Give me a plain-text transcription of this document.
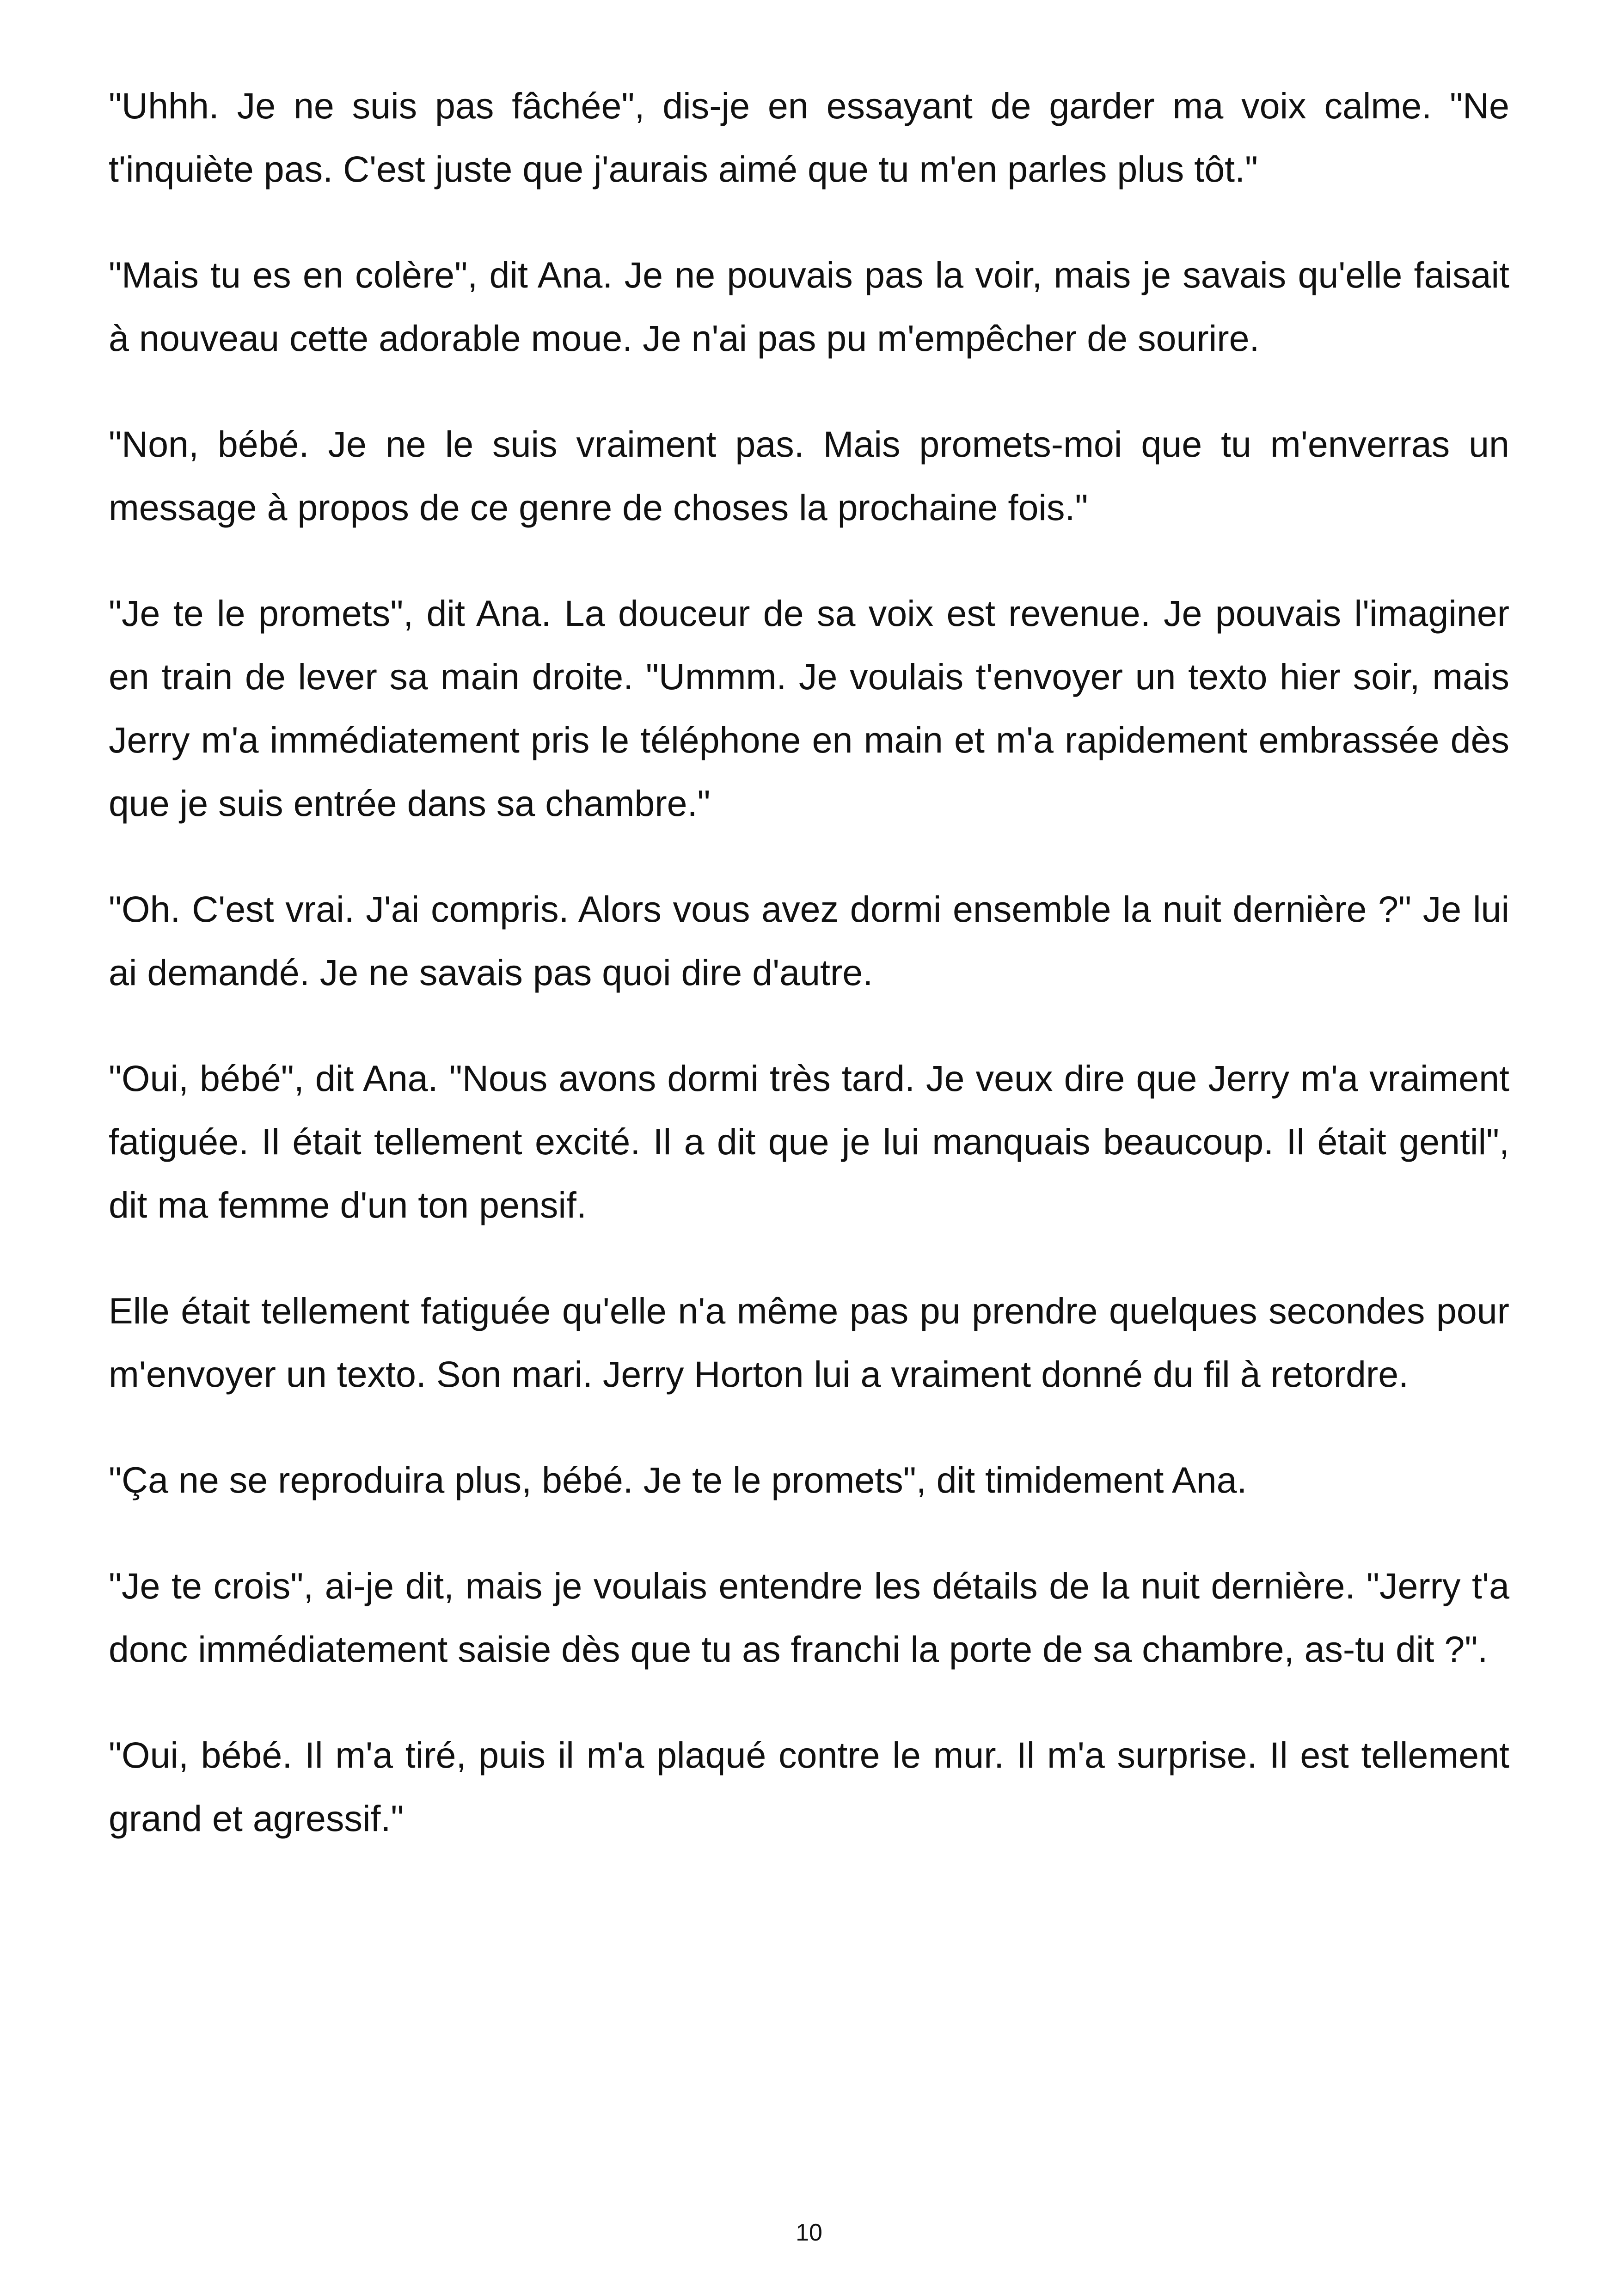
"Uhhh. Je ne suis pas fâchée", dis-je en essayant de garder ma voix calme. "Ne t'inquiète pas. C'est juste que j'aurais aimé que tu m'en parles plus tôt."

"Mais tu es en colère", dit Ana. Je ne pouvais pas la voir, mais je savais qu'elle faisait à nouveau cette adorable moue. Je n'ai pas pu m'empêcher de sourire.

"Non, bébé. Je ne le suis vraiment pas. Mais promets-moi que tu m'enverras un message à propos de ce genre de choses la prochaine fois."

"Je te le promets", dit Ana. La douceur de sa voix est revenue. Je pouvais l'imaginer en train de lever sa main droite. "Ummm. Je voulais t'envoyer un texto hier soir, mais Jerry m'a immédiatement pris le téléphone en main et m'a rapidement embrassée dès que je suis entrée dans sa chambre."

"Oh. C'est vrai. J'ai compris. Alors vous avez dormi ensemble la nuit dernière ?" Je lui ai demandé. Je ne savais pas quoi dire d'autre.

"Oui, bébé", dit Ana. "Nous avons dormi très tard. Je veux dire que Jerry m'a vraiment fatiguée. Il était tellement excité. Il a dit que je lui manquais beaucoup. Il était gentil", dit ma femme d'un ton pensif.

Elle était tellement fatiguée qu'elle n'a même pas pu prendre quelques secondes pour m'envoyer un texto. Son mari. Jerry Horton lui a vraiment donné du fil à retordre.

"Ça ne se reproduira plus, bébé. Je te le promets", dit timidement Ana.

"Je te crois", ai-je dit, mais je voulais entendre les détails de la nuit dernière. "Jerry t'a donc immédiatement saisie dès que tu as franchi la porte de sa chambre, as-tu dit ?".

"Oui, bébé. Il m'a tiré, puis il m'a plaqué contre le mur. Il m'a surprise. Il est tellement grand et agressif."

10
